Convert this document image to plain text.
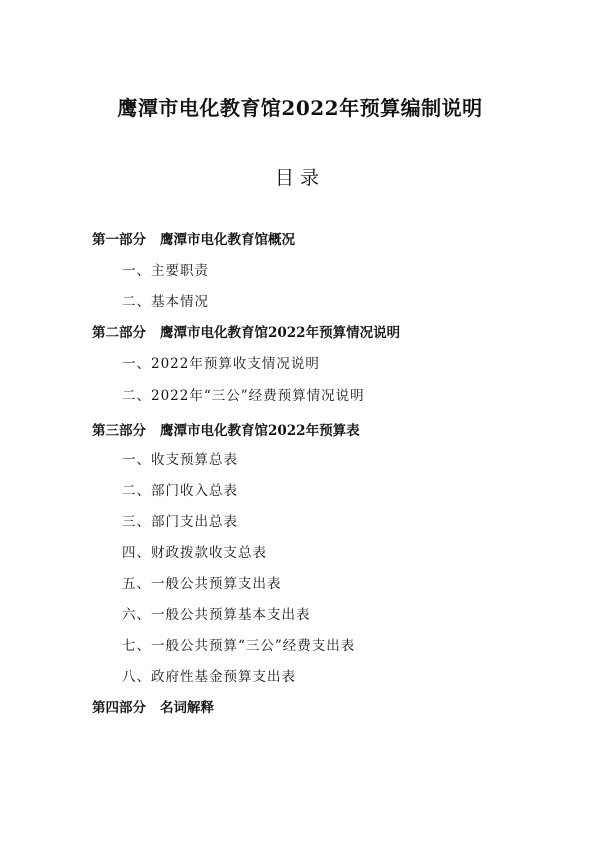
鹰潭市电化教育馆2022年预算编制说明
目录
第一部分 鹰潭市电化教育馆概况
一、主要职责
二、基本情况
第二部分 鹰潭市电化教育馆2022年预算情况说明
一、2022年预算收支情况说明
二、2022年“三公”经费预算情况说明
第三部分 鹰潭市电化教育馆2022年预算表
一、收支预算总表
二、部门收入总表
三、部门支出总表
四、财政拨款收支总表
五、一般公共预算支出表
六、一般公共预算基本支出表
七、一般公共预算“三公”经费支出表
八、政府性基金预算支出表
第四部分 名词解释
